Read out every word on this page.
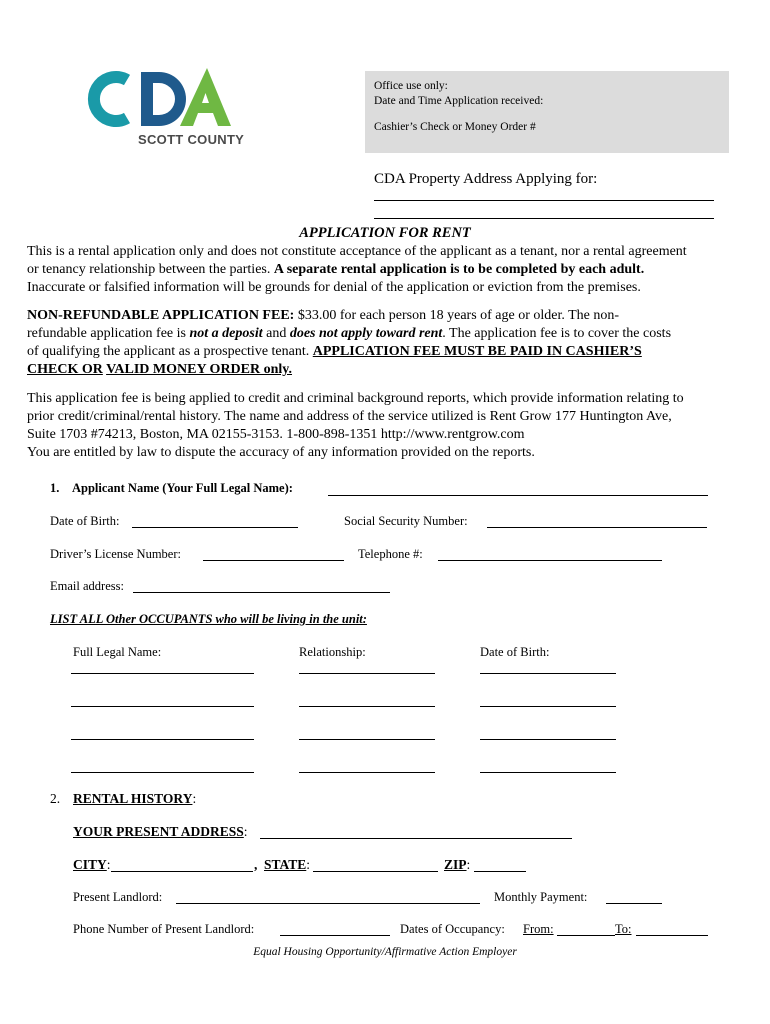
SCOTT COUNTY
Office use only:
Date and Time Application received:
Cashier’s Check or Money Order #
CDA Property Address Applying for:
APPLICATION FOR RENT
This is a rental application only and does not constitute acceptance of the applicant as a tenant, nor a rental agreement
or tenancy relationship between the parties. A separate rental application is to be completed by each adult.
Inaccurate or falsified information will be grounds for denial of the application or eviction from the premises.
NON-REFUNDABLE APPLICATION FEE: $33.00 for each person 18 years of age or older. The non-
refundable application fee is not a deposit and does not apply toward rent. The application fee is to cover the costs
of qualifying the applicant as a prospective tenant. APPLICATION FEE MUST BE PAID IN CASHIER’S
CHECK OR VALID MONEY ORDER only.
This application fee is being applied to credit and criminal background reports, which provide information relating to
prior credit/criminal/rental history. The name and address of the service utilized is Rent Grow 177 Huntington Ave,
Suite 1703 #74213, Boston, MA 02155-3153. 1-800-898-1351 http://www.rentgrow.com
You are entitled by law to dispute the accuracy of any information provided on the reports.
1. Applicant Name (Your Full Legal Name):
Date of Birth:	Social Security Number:
Driver’s License Number:	Telephone #:
Email address:
LIST ALL Other OCCUPANTS who will be living in the unit:
Full Legal Name:	Relationship:	Date of Birth:
2. RENTAL HISTORY:
YOUR PRESENT ADDRESS:
CITY:	, STATE:	ZIP:
Present Landlord:	Monthly Payment:
Phone Number of Present Landlord:	Dates of Occupancy: From:	To:
Equal Housing Opportunity/Affirmative Action Employer
